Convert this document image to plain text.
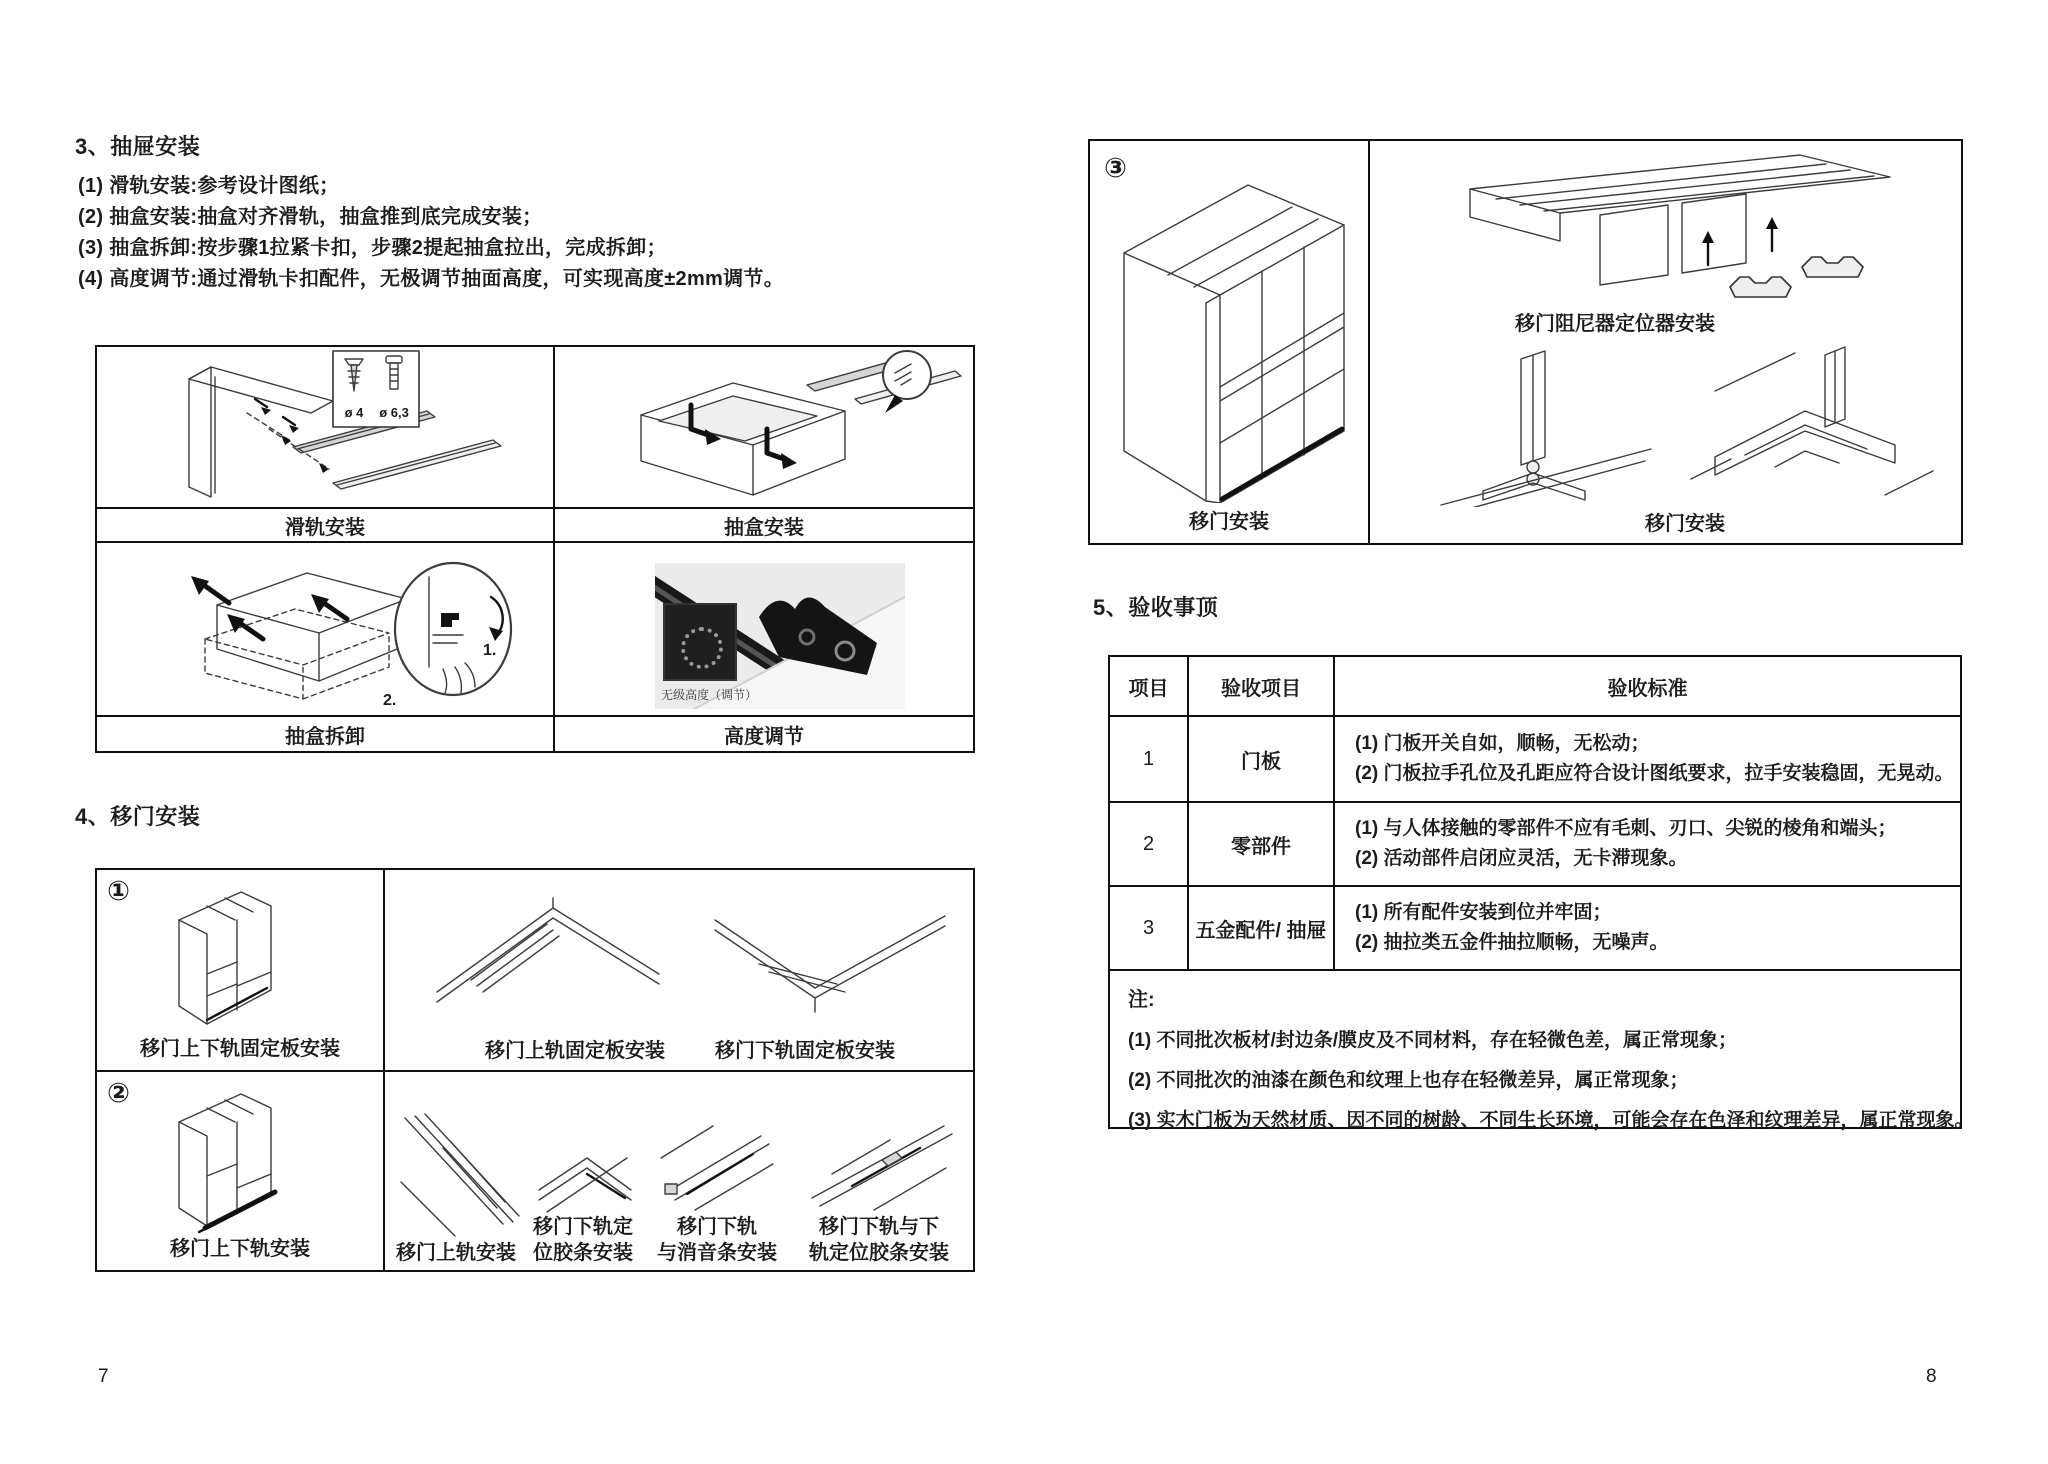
3、抽屉安装
(1) 滑轨安装:参考设计图纸；
(2) 抽盒安装:抽盒对齐滑轨，抽盒推到底完成安装；
(3) 抽盒拆卸:按步骤1拉紧卡扣，步骤2提起抽盒拉出，完成拆卸；
(4) 高度调节:通过滑轨卡扣配件，无极调节抽面高度，可实现高度±2mm调节。
ø 4 ø 6,3
滑轨安装	抽盒安装
1.
2.	无级高度（调节）
抽盒拆卸	高度调节
4、移门安装
①
移门上下轨固定板安装	移门上轨固定板安装	移门下轨固定板安装
②
移门上下轨安装	移门上轨安装
移门下轨定
位胶条安装
移门下轨
与消音条安装
移门下轨与下
轨定位胶条安装
7
③
移门安装
移门阻尼器定位器安装
移门安装
5、验收事顶
项目	验收项目	验收标准
1	门板
(1) 门板开关自如，顺畅，无松动；
(2) 门板拉手孔位及孔距应符合设计图纸要求，拉手安装稳固，无晃动。
2	零部件
(1) 与人体接触的零部件不应有毛刺、刃口、尖锐的棱角和端头；
(2) 活动部件启闭应灵活，无卡滞现象。
3	五金配件/ 抽屉
(1) 所有配件安装到位并牢固；
(2) 抽拉类五金件抽拉顺畅，无噪声。
注:
(1) 不同批次板材/封边条/膜皮及不同材料，存在轻微色差，属正常现象；
(2) 不同批次的油漆在颜色和纹理上也存在轻微差异，属正常现象；
(3) 实木门板为天然材质、因不同的树龄、不同生长环境，可能会存在色泽和纹理差异，属正常现象。
8
